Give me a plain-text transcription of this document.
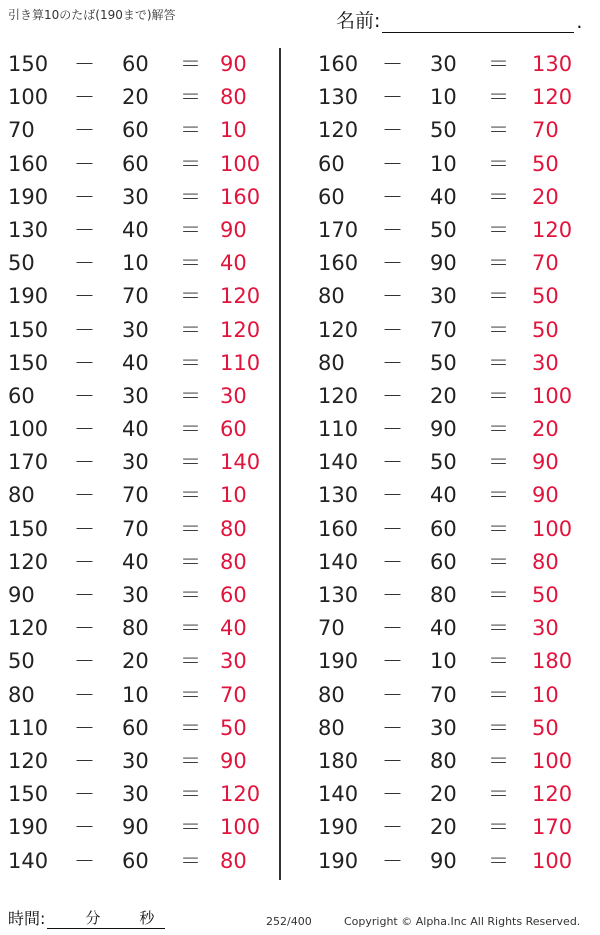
引き算10のたば(190まで)解答	名前:	.
150	－ 60	＝ 90
100	－ 20	＝ 80
70	－ 60	＝ 10
160	－ 60	＝ 100
190	－ 30	＝ 160
130	－ 40	＝ 90
50	－ 10	＝ 40
190	－ 70	＝ 120
150	－ 30	＝ 120
150	－ 40	＝ 110
60	－ 30	＝ 30
100	－ 40	＝ 60
170	－ 30	＝ 140
80	－ 70	＝ 10
150	－ 70	＝ 80
120	－ 40	＝ 80
90	－ 30	＝ 60
120	－ 80	＝ 40
50	－ 20	＝ 30
80	－ 10	＝ 70
110	－ 60	＝ 50
120	－ 30	＝ 90
150	－ 30	＝ 120
190	－ 90	＝ 100
140	－ 60	＝ 80
160	－ 30	＝ 130
130	－ 10	＝ 120
120	－ 50	＝ 70
60	－ 10	＝ 50
60	－ 40	＝ 20
170	－ 50	＝ 120
160	－ 90	＝ 70
80	－ 30	＝ 50
120	－ 70	＝ 50
80	－ 50	＝ 30
120	－ 20	＝ 100
110	－ 90	＝ 20
140	－ 50	＝ 90
130	－ 40	＝ 90
160	－ 60	＝ 100
140	－ 60	＝ 80
130	－ 80	＝ 50
70	－ 40	＝ 30
190	－ 10	＝ 180
80	－ 70	＝ 10
80	－ 30	＝ 50
180	－ 80	＝ 100
140	－ 20	＝ 120
190	－ 20	＝ 170
190	－ 90	＝ 100
時間:	分	秒	252/400	Copyright © Alpha.Inc All Rights Reserved.
